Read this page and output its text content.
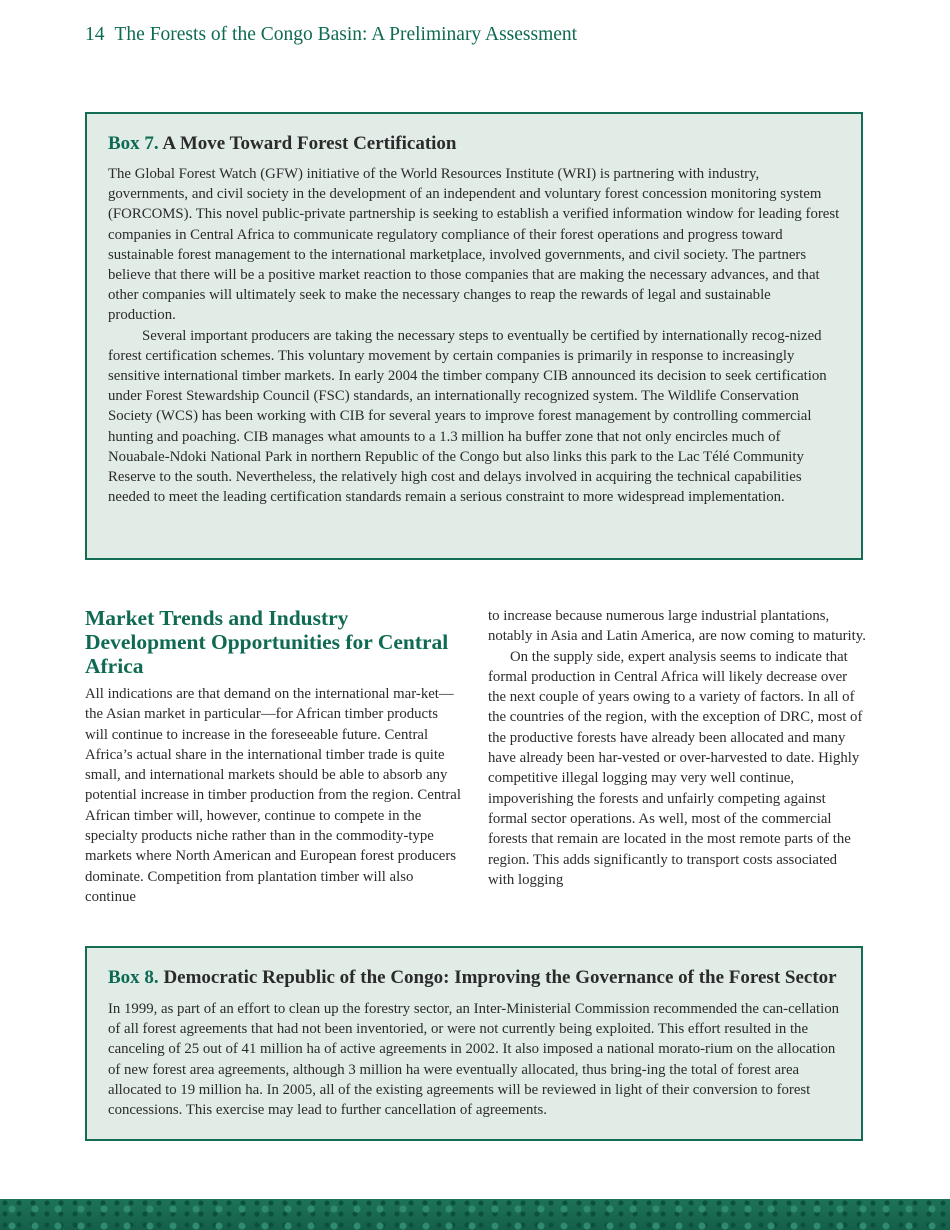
14 The Forests of the Congo Basin: A Preliminary Assessment
Box 7. A Move Toward Forest Certification

The Global Forest Watch (GFW) initiative of the World Resources Institute (WRI) is partnering with industry, governments, and civil society in the development of an independent and voluntary forest concession monitoring system (FORCOMS). This novel public-private partnership is seeking to establish a verified information window for leading forest companies in Central Africa to communicate regulatory compliance of their forest operations and progress toward sustainable forest management to the international marketplace, involved governments, and civil society. The partners believe that there will be a positive market reaction to those companies that are making the necessary advances, and that other companies will ultimately seek to make the necessary changes to reap the rewards of legal and sustainable production.

Several important producers are taking the necessary steps to eventually be certified by internationally recog-nized forest certification schemes. This voluntary movement by certain companies is primarily in response to increasingly sensitive international timber markets. In early 2004 the timber company CIB announced its decision to seek certification under Forest Stewardship Council (FSC) standards, an internationally recognized system. The Wildlife Conservation Society (WCS) has been working with CIB for several years to improve forest management by controlling commercial hunting and poaching. CIB manages what amounts to a 1.3 million ha buffer zone that not only encircles much of Nouabale-Ndoki National Park in northern Republic of the Congo but also links this park to the Lac Télé Community Reserve to the south. Nevertheless, the relatively high cost and delays involved in acquiring the technical capabilities needed to meet the leading certification standards remain a serious constraint to more widespread implementation.

Market Trends and Industry Development Opportunities for Central Africa

All indications are that demand on the international mar-ket—the Asian market in particular—for African timber products will continue to increase in the foreseeable future. Central Africa’s actual share in the international timber trade is quite small, and international markets should be able to absorb any potential increase in timber production from the region. Central African timber will, however, continue to compete in the specialty products niche rather than in the commodity-type markets where North American and European forest producers dominate. Competition from plantation timber will also continue

to increase because numerous large industrial plantations, notably in Asia and Latin America, are now coming to maturity.

On the supply side, expert analysis seems to indicate that formal production in Central Africa will likely decrease over the next couple of years owing to a variety of factors. In all of the countries of the region, with the exception of DRC, most of the productive forests have already been allocated and many have already been har-vested or over-harvested to date. Highly competitive illegal logging may very well continue, impoverishing the forests and unfairly competing against formal sector operations. As well, most of the commercial forests that remain are located in the most remote parts of the region. This adds significantly to transport costs associated with logging

Box 8. Democratic Republic of the Congo: Improving the Governance of the Forest Sector

In 1999, as part of an effort to clean up the forestry sector, an Inter-Ministerial Commission recommended the can-cellation of all forest agreements that had not been inventoried, or were not currently being exploited. This effort resulted in the canceling of 25 out of 41 million ha of active agreements in 2002. It also imposed a national morato-rium on the allocation of new forest area agreements, although 3 million ha were eventually allocated, thus bring-ing the total of forest area allocated to 19 million ha. In 2005, all of the existing agreements will be reviewed in light of their conversion to forest concessions. This exercise may lead to further cancellation of agreements.
